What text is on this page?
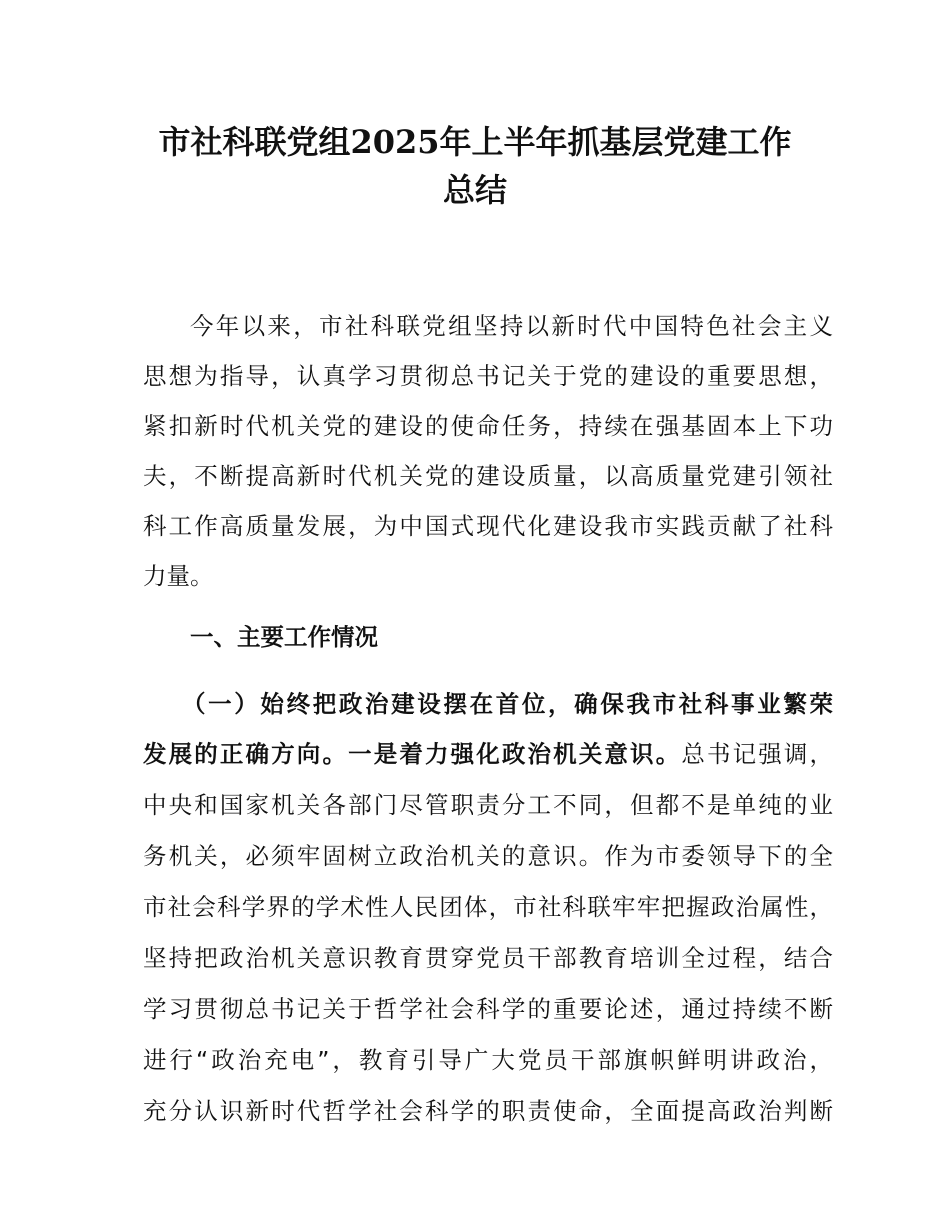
市社科联党组2025年上半年抓基层党建工作
总结

今年以来，市社科联党组坚持以新时代中国特色社会主义

思想为指导，认真学习贯彻总书记关于党的建设的重要思想，

紧扣新时代机关党的建设的使命任务，持续在强基固本上下功

夫，不断提高新时代机关党的建设质量，以高质量党建引领社

科工作高质量发展，为中国式现代化建设我市实践贡献了社科

力量。

一、主要工作情况

（一）始终把政治建设摆在首位，确保我市社科事业繁荣

发展的正确方向。一是着力强化政治机关意识。总书记强调，

中央和国家机关各部门尽管职责分工不同，但都不是单纯的业

务机关，必须牢固树立政治机关的意识。作为市委领导下的全

市社会科学界的学术性人民团体，市社科联牢牢把握政治属性，

坚持把政治机关意识教育贯穿党员干部教育培训全过程，结合

学习贯彻总书记关于哲学社会科学的重要论述，通过持续不断

进行“政治充电”，教育引导广大党员干部旗帜鲜明讲政治，

充分认识新时代哲学社会科学的职责使命，全面提高政治判断
